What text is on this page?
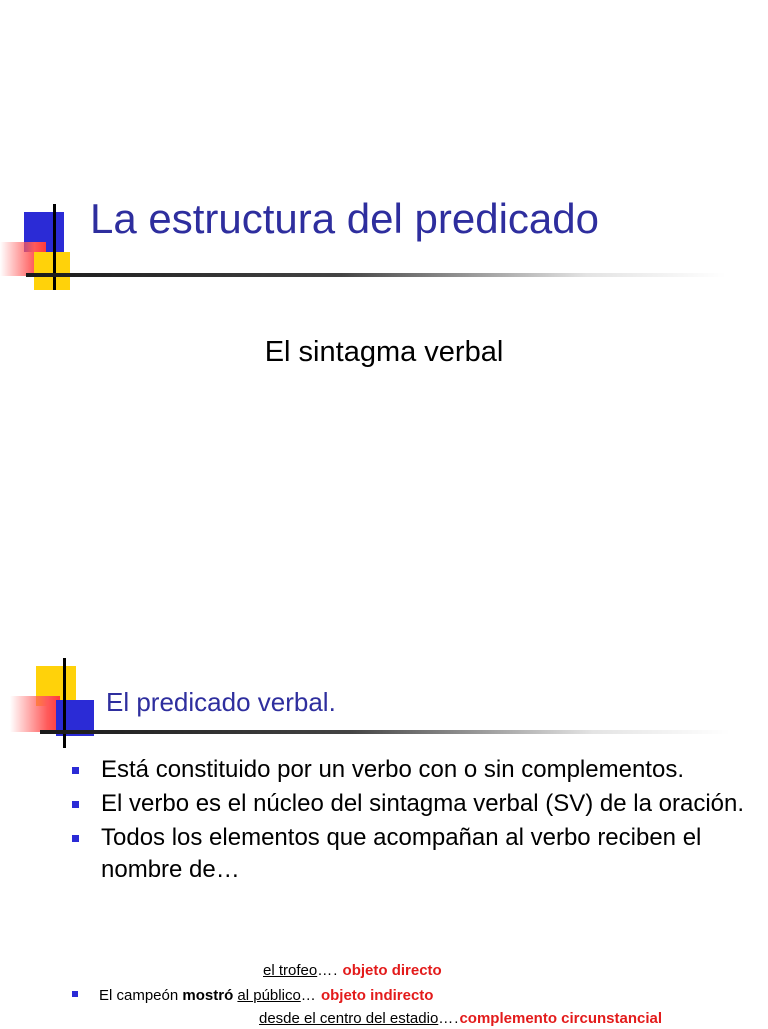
La estructura del predicado
El sintagma verbal
El predicado verbal.
Está constituido por un verbo con o sin complementos.
El verbo es el núcleo del sintagma verbal (SV) de la oración.
Todos los elementos que acompañan al verbo reciben el nombre de…
el trofeo…. objeto directo
El campeón mostró al público… objeto indirecto
desde el centro del estadio….complemento circunstancial
